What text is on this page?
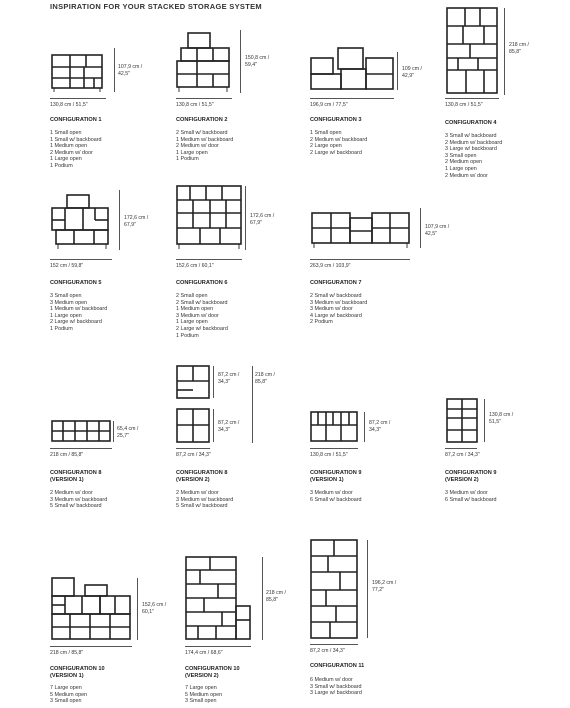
INSPIRATION FOR YOUR STACKED STORAGE SYSTEM
107,9 cm /
42,5"
130,8 cm / 51,5"
CONFIGURATION 1
1 Small open
1 Small w/ backboard
1 Medium open
2 Medium w/ door
1 Large open
1 Podium
150,8 cm /
59,4"
130,8 cm / 51,5"
CONFIGURATION 2
2 Small w/ backboard
1 Medium w/ backboard
2 Medium w/ door
1 Large open
1 Podium
109 cm /
42,9"
196,9 cm / 77,5"
CONFIGURATION 3
1 Small open
2 Medium w/ backboard
2 Large open
2 Large w/ backboard
218 cm /
85,8"
130,8 cm / 51,5"
CONFIGURATION 4
3 Small w/ backboard
2 Medium w/ backboard
3 Large w/ backboard
3 Small open
2 Medium open
1 Large open
2 Medium w/ door
172,6 cm /
67,9"
152 cm / 59,8"
CONFIGURATION 5
3 Small open
3 Medium open
1 Medium w/ backboard
1 Large open
2 Large w/ backboard
1 Podium
172,6 cm /
67,9"
152,6 cm / 60,1"
CONFIGURATION 6
2 Small open
2 Small w/ backboard
1 Medium open
3 Medium w/ door
1 Large open
2 Large w/ backboard
1 Podium
107,9 cm /
42,5"
263,9 cm / 103,9"
CONFIGURATION 7
2 Small w/ backboard
3 Medium w/ backboard
3 Medium w/ door
4 Large w/ backboard
2 Podium
65,4 cm /
25,7"
218 cm / 85,8"
CONFIGURATION 8
(VERSION 1)
2 Medium w/ door
3 Medium w/ backboard
5 Small w/ backboard
87,2 cm /
34,3"
87,2 cm /
34,3"
218 cm /
85,8"
87,2 cm / 34,3"
CONFIGURATION 8
(VERSION 2)
2 Medium w/ door
3 Medium w/ backboard
5 Small w/ backboard
87,2 cm /
34,3"
130,8 cm / 51,5"
CONFIGURATION 9
(VERSION 1)
3 Medium w/ door
6 Small w/ backboard
130,8 cm /
51,5"
87,2 cm / 34,3"
CONFIGURATION 9
(VERSION 2)
3 Medium w/ door
6 Small w/ backboard
152,6 cm /
60,1"
218 cm / 85,8"
CONFIGURATION 10
(VERSION 1)
7 Large open
5 Medium open
3 Small open
218 cm /
85,8"
174,4 cm / 68,6"
CONFIGURATION 10
(VERSION 2)
7 Large open
5 Medium open
3 Small open
196,2 cm /
77,2"
87,2 cm / 34,3"
CONFIGURATION 11
6 Medium w/ door
3 Small w/ backboard
3 Large w/ backboard
